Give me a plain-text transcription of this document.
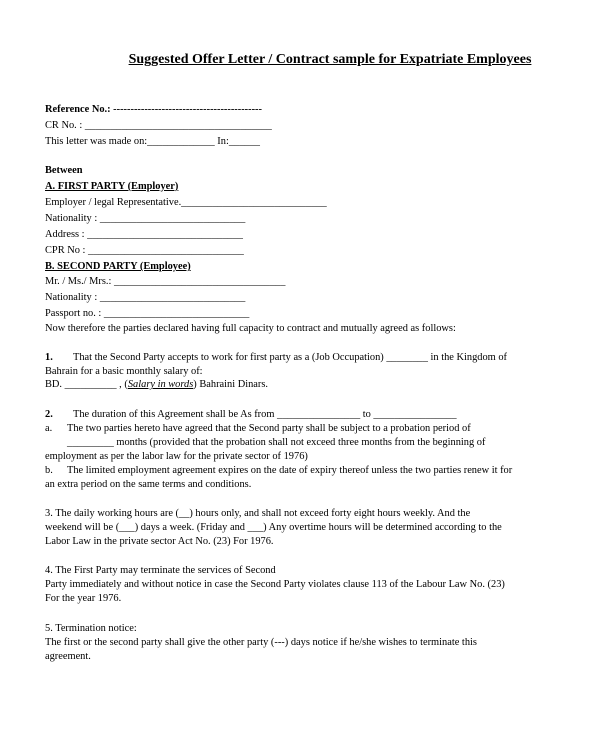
Suggested Offer Letter / Contract sample for Expatriate Employees
Reference No.: -------------------------------------------
CR No. : ____________________________________
This letter was made on:_____________ In:______
Between
A. FIRST PARTY (Employer)
Employer / legal Representative.____________________________
Nationality : ____________________________
Address : ______________________________
CPR No : ______________________________
B. SECOND PARTY (Employee)
Mr. / Ms./ Mrs.: _________________________________
Nationality : ____________________________
Passport no. : ____________________________
Now therefore the parties declared having full capacity to contract and mutually agreed as follows:
1. That the Second Party accepts to work for first party as a (Job Occupation) ________ in the Kingdom of
Bahrain for a basic monthly salary of:
BD. __________ , (Salary in words) Bahraini Dinars.
2. The duration of this Agreement shall be As from ________________ to ________________
a. The two parties hereto have agreed that the Second party shall be subject to a probation period of
_________ months (provided that the probation shall not exceed three months from the beginning of
employment as per the labor law for the private sector of 1976)
b. The limited employment agreement expires on the date of expiry thereof unless the two parties renew it for
an extra period on the same terms and conditions.
3. The daily working hours are (__) hours only, and shall not exceed forty eight hours weekly. And the
weekend will be (___) days a week. (Friday and ___) Any overtime hours will be determined according to the
Labor Law in the private sector Act No. (23) For 1976.
4. The First Party may terminate the services of Second
Party immediately and without notice in case the Second Party violates clause 113 of the Labour Law No. (23)
For the year 1976.
5. Termination notice:
The first or the second party shall give the other party (---) days notice if he/she wishes to terminate this
agreement.
